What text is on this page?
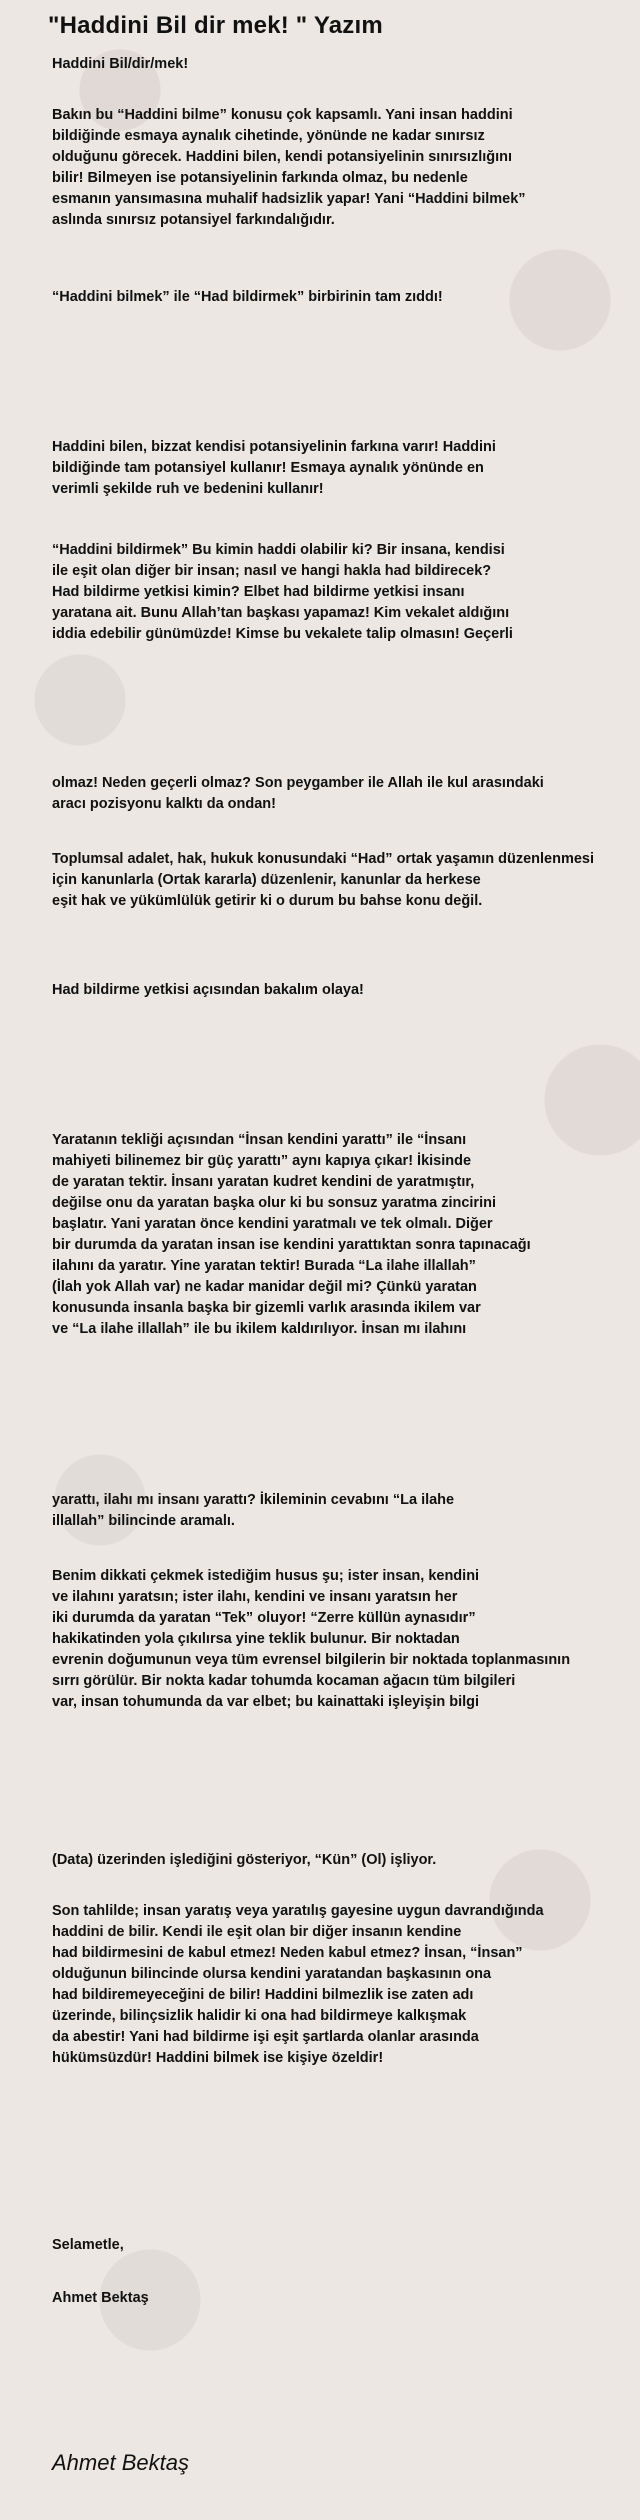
"Haddini Bil dir mek! " Yazım
Haddini Bil/dir/mek!
Bakın bu “Haddini bilme” konusu çok kapsamlı. Yani insan haddini
bildiğinde esmaya aynalık cihetinde, yönünde ne kadar sınırsız
olduğunu görecek. Haddini bilen, kendi potansiyelinin sınırsızlığını
bilir! Bilmeyen ise potansiyelinin farkında olmaz, bu nedenle
esmanın yansımasına muhalif hadsizlik yapar! Yani “Haddini bilmek”
aslında sınırsız potansiyel farkındalığıdır.
“Haddini bilmek” ile “Had bildirmek” birbirinin tam zıddı!
Haddini bilen, bizzat kendisi potansiyelinin farkına varır! Haddini
bildiğinde tam potansiyel kullanır! Esmaya aynalık yönünde en
verimli şekilde ruh ve bedenini kullanır!
“Haddini bildirmek” Bu kimin haddi olabilir ki? Bir insana, kendisi
ile eşit olan diğer bir insan; nasıl ve hangi hakla had bildirecek?
Had bildirme yetkisi kimin? Elbet had bildirme yetkisi insanı
yaratana ait. Bunu Allah’tan başkası yapamaz! Kim vekalet aldığını
iddia edebilir günümüzde! Kimse bu vekalete talip olmasın! Geçerli
olmaz! Neden geçerli olmaz? Son peygamber ile Allah ile kul arasındaki
aracı pozisyonu kalktı da ondan!
Toplumsal adalet, hak, hukuk konusundaki “Had” ortak yaşamın düzenlenmesi
için kanunlarla (Ortak kararla) düzenlenir, kanunlar da herkese
eşit hak ve yükümlülük getirir ki o durum bu bahse konu değil.
Had bildirme yetkisi açısından bakalım olaya!
Yaratanın tekliği açısından “İnsan kendini yarattı” ile “İnsanı
mahiyeti bilinemez bir güç yarattı” aynı kapıya çıkar! İkisinde
de yaratan tektir. İnsanı yaratan kudret kendini de yaratmıştır,
değilse onu da yaratan başka olur ki bu sonsuz yaratma zincirini
başlatır. Yani yaratan önce kendini yaratmalı ve tek olmalı. Diğer
bir durumda da yaratan insan ise kendini yarattıktan sonra tapınacağı
ilahını da yaratır. Yine yaratan tektir! Burada “La ilahe illallah”
(İlah yok Allah var) ne kadar manidar değil mi? Çünkü yaratan
konusunda insanla başka bir gizemli varlık arasında ikilem var
ve “La ilahe illallah” ile bu ikilem kaldırılıyor. İnsan mı ilahını
yarattı, ilahı mı insanı yarattı? İkileminin cevabını “La ilahe
illallah” bilincinde aramalı.
Benim dikkati çekmek istediğim husus şu; ister insan, kendini
ve ilahını yaratsın; ister ilahı, kendini ve insanı yaratsın her
iki durumda da yaratan “Tek” oluyor! “Zerre küllün aynasıdır”
hakikatinden yola çıkılırsa yine teklik bulunur. Bir noktadan
evrenin doğumunun veya tüm evrensel bilgilerin bir noktada toplanmasının
sırrı görülür. Bir nokta kadar tohumda kocaman ağacın tüm bilgileri
var, insan tohumunda da var elbet; bu kainattaki işleyişin bilgi
(Data) üzerinden işlediğini gösteriyor, “Kün” (Ol) işliyor.
Son tahlilde; insan yaratış veya yaratılış gayesine uygun davrandığında
haddini de bilir. Kendi ile eşit olan bir diğer insanın kendine
had bildirmesini de kabul etmez! Neden kabul etmez? İnsan, “İnsan”
olduğunun bilincinde olursa kendini yaratandan başkasının ona
had bildiremeyeceğini de bilir! Haddini bilmezlik ise zaten adı
üzerinde, bilinçsizlik halidir ki ona had bildirmeye kalkışmak
da abestir! Yani had bildirme işi eşit şartlarda olanlar arasında
hükümsüzdür! Haddini bilmek ise kişiye özeldir!
Selametle,
Ahmet Bektaş
Ahmet Bektaş
